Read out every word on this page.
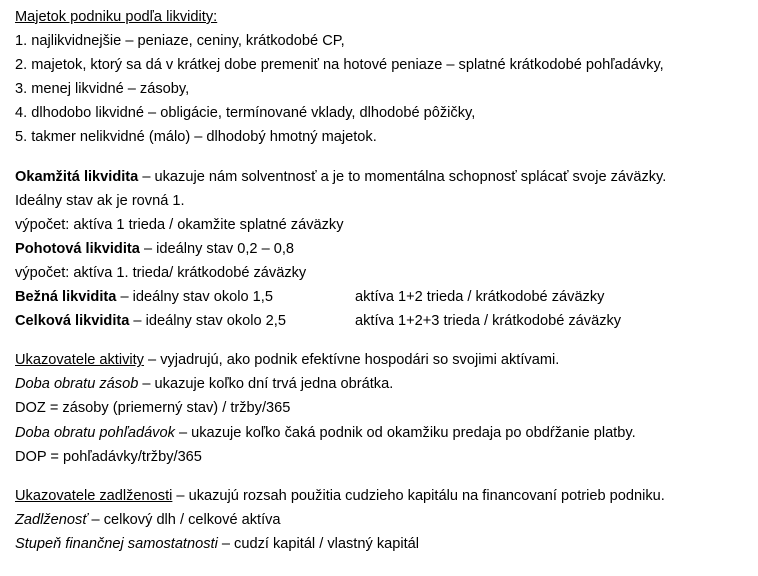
Majetok podniku podľa likvidity:
1. najlikvidnejšie – peniaze, ceniny, krátkodobé CP,
2. majetok, ktorý sa dá v krátkej dobe premeniť na hotové peniaze – splatné krátkodobé pohľadávky,
3. menej likvidné – zásoby,
4. dlhodobo likvidné – obligácie, termínované vklady, dlhodobé pôžičky,
5. takmer nelikvidné (málo) – dlhodobý hmotný majetok.
Okamžitá likvidita – ukazuje nám solventnosť a je to momentálna schopnosť splácať svoje záväzky.
Ideálny stav ak je rovná 1.
výpočet: aktíva 1 trieda / okamžite splatné záväzky
Pohotová likvidita – ideálny stav 0,2 – 0,8
výpočet: aktíva 1. trieda/ krátkodobé záväzky
Bežná likvidita – ideálny stav okolo 1,5	aktíva 1+2 trieda / krátkodobé záväzky
Celková likvidita – ideálny stav okolo 2,5	aktíva 1+2+3 trieda / krátkodobé záväzky
Ukazovatele aktivity – vyjadrujú, ako podnik efektívne hospodári so svojimi aktívami.
Doba obratu zásob – ukazuje koľko dní trvá jedna obrátka.
DOZ = zásoby (priemerný stav) / tržby/365
Doba obratu pohľadávok – ukazuje koľko čaká podnik od okamžiku predaja po obdŕžanie platby.
DOP = pohľadávky/tržby/365
Ukazovatele zadlženosti – ukazujú rozsah použitia cudzieho kapitálu na financovaní potrieb podniku.
Zadlženosť – celkový dlh / celkové aktíva
Stupeň finančnej samostatnosti – cudzí kapitál / vlastný kapitál
